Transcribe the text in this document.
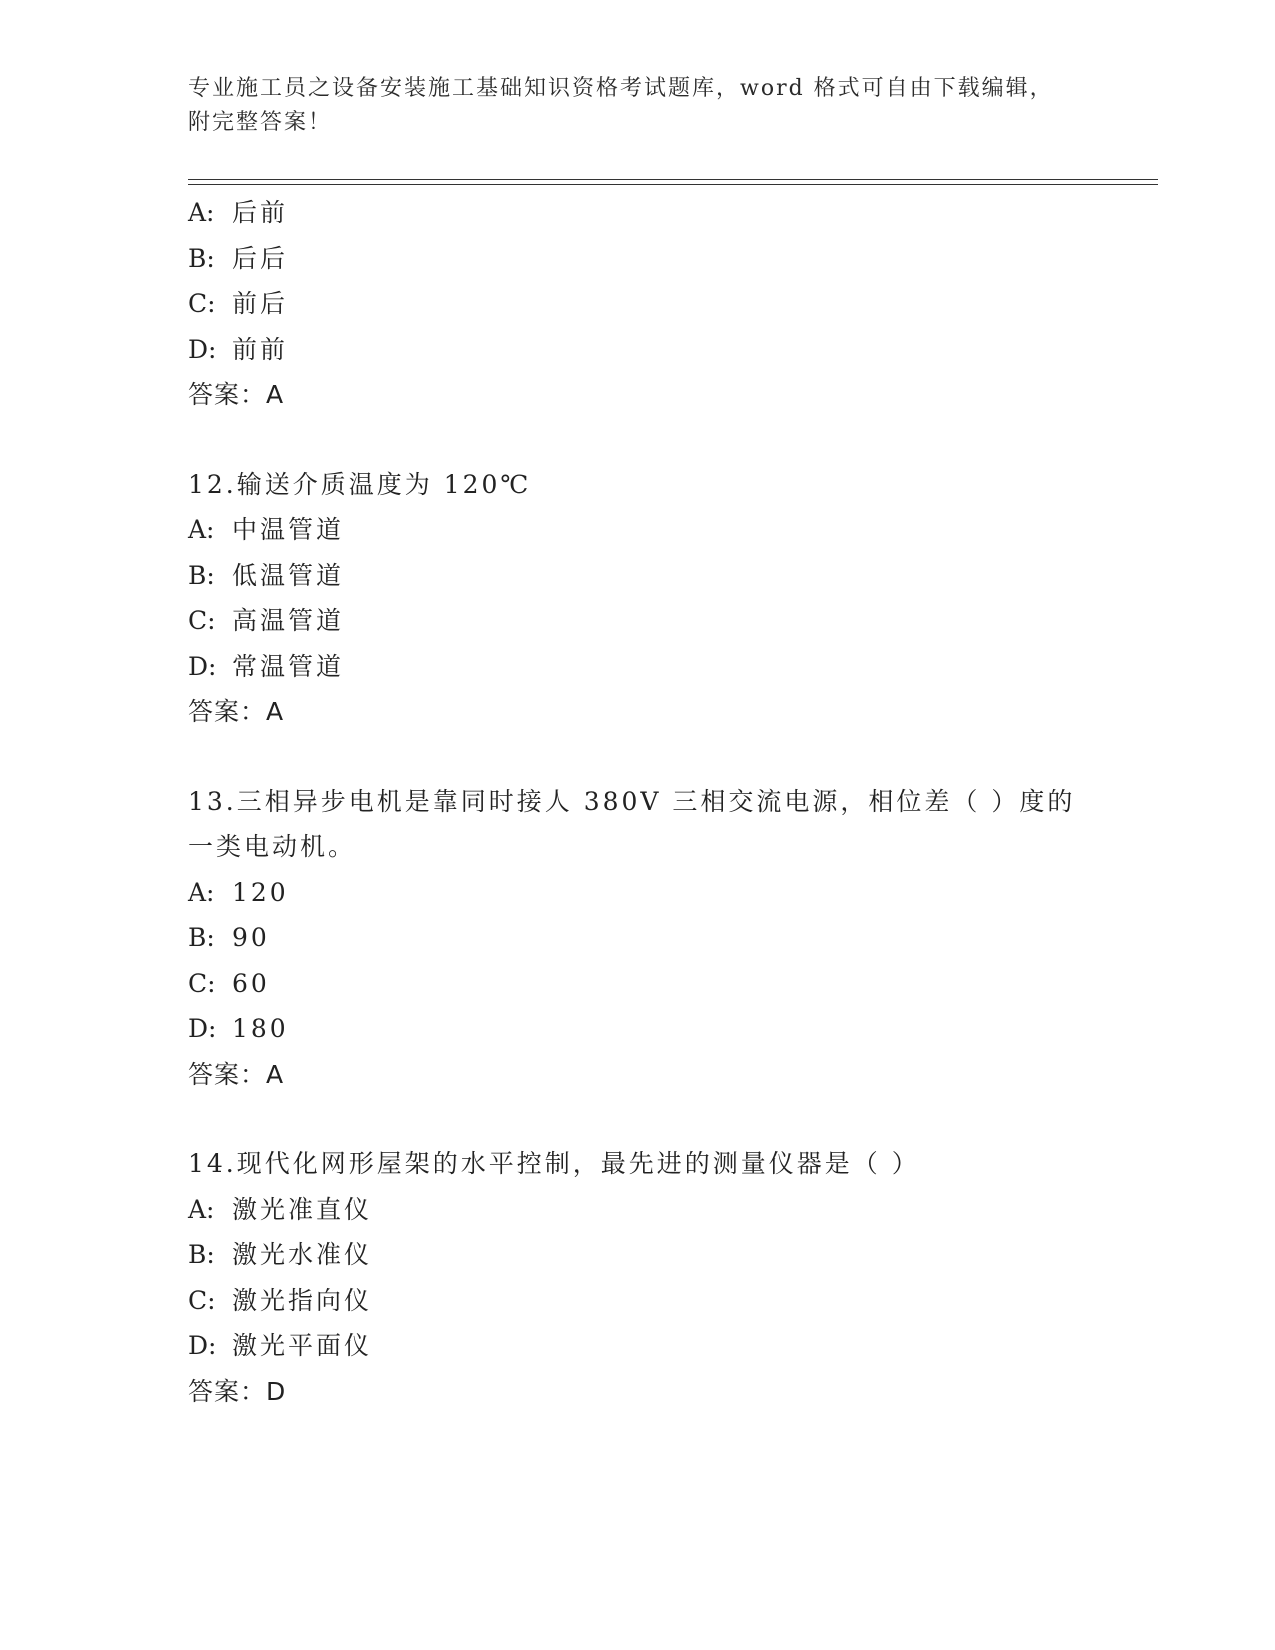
专业施工员之设备安装施工基础知识资格考试题库，word 格式可自由下载编辑，
附完整答案！
A: 后前
B: 后后
C: 前后
D: 前前
答案：A
12.输送介质温度为 120℃
A: 中温管道
B: 低温管道
C: 高温管道
D: 常温管道
答案：A
13.三相异步电机是靠同时接人 380V 三相交流电源，相位差（ ）度的
一类电动机。
A: 120
B: 90
C: 60
D: 180
答案：A
14.现代化网形屋架的水平控制，最先进的测量仪器是（ ）
A: 激光准直仪
B: 激光水准仪
C: 激光指向仪
D: 激光平面仪
答案：D
